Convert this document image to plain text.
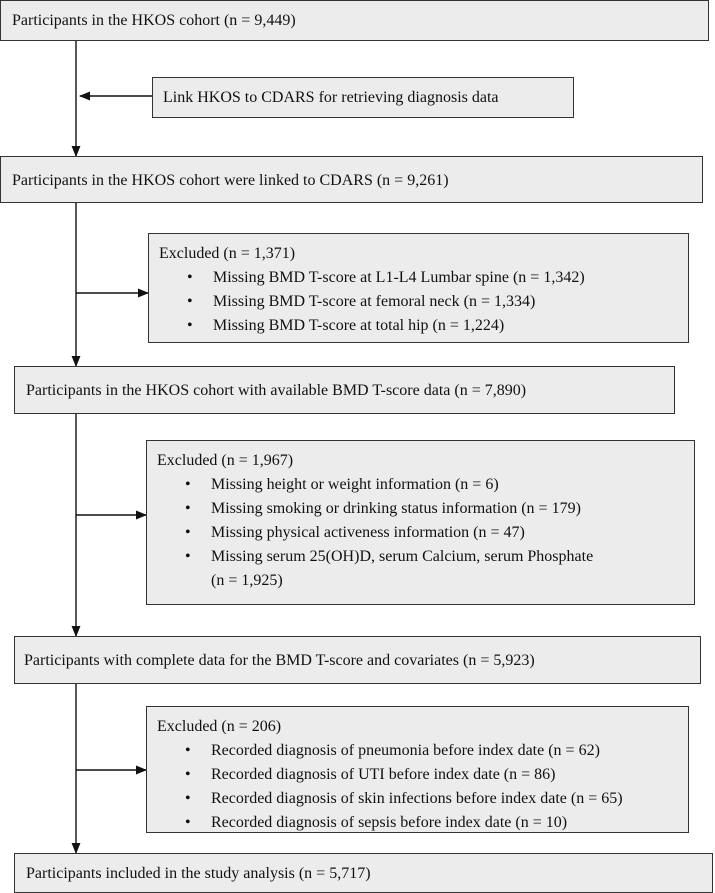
Participants in the HKOS cohort (n = 9,449)
Link HKOS to CDARS for retrieving diagnosis data
Participants in the HKOS cohort were linked to CDARS (n = 9,261)
Excluded (n = 1,371)
• Missing BMD T-score at L1-L4 Lumbar spine (n = 1,342)
• Missing BMD T-score at femoral neck (n = 1,334)
• Missing BMD T-score at total hip (n = 1,224)
Participants in the HKOS cohort with available BMD T-score data (n = 7,890)
Excluded (n = 1,967)
• Missing height or weight information (n = 6)
• Missing smoking or drinking status information (n = 179)
• Missing physical activeness information (n = 47)
• Missing serum 25(OH)D, serum Calcium, serum Phosphate
(n = 1,925)
Participants with complete data for the BMD T-score and covariates (n = 5,923)
Excluded (n = 206)
• Recorded diagnosis of pneumonia before index date (n = 62)
• Recorded diagnosis of UTI before index date (n = 86)
• Recorded diagnosis of skin infections before index date (n = 65)
• Recorded diagnosis of sepsis before index date (n = 10)
Participants included in the study analysis (n = 5,717)
